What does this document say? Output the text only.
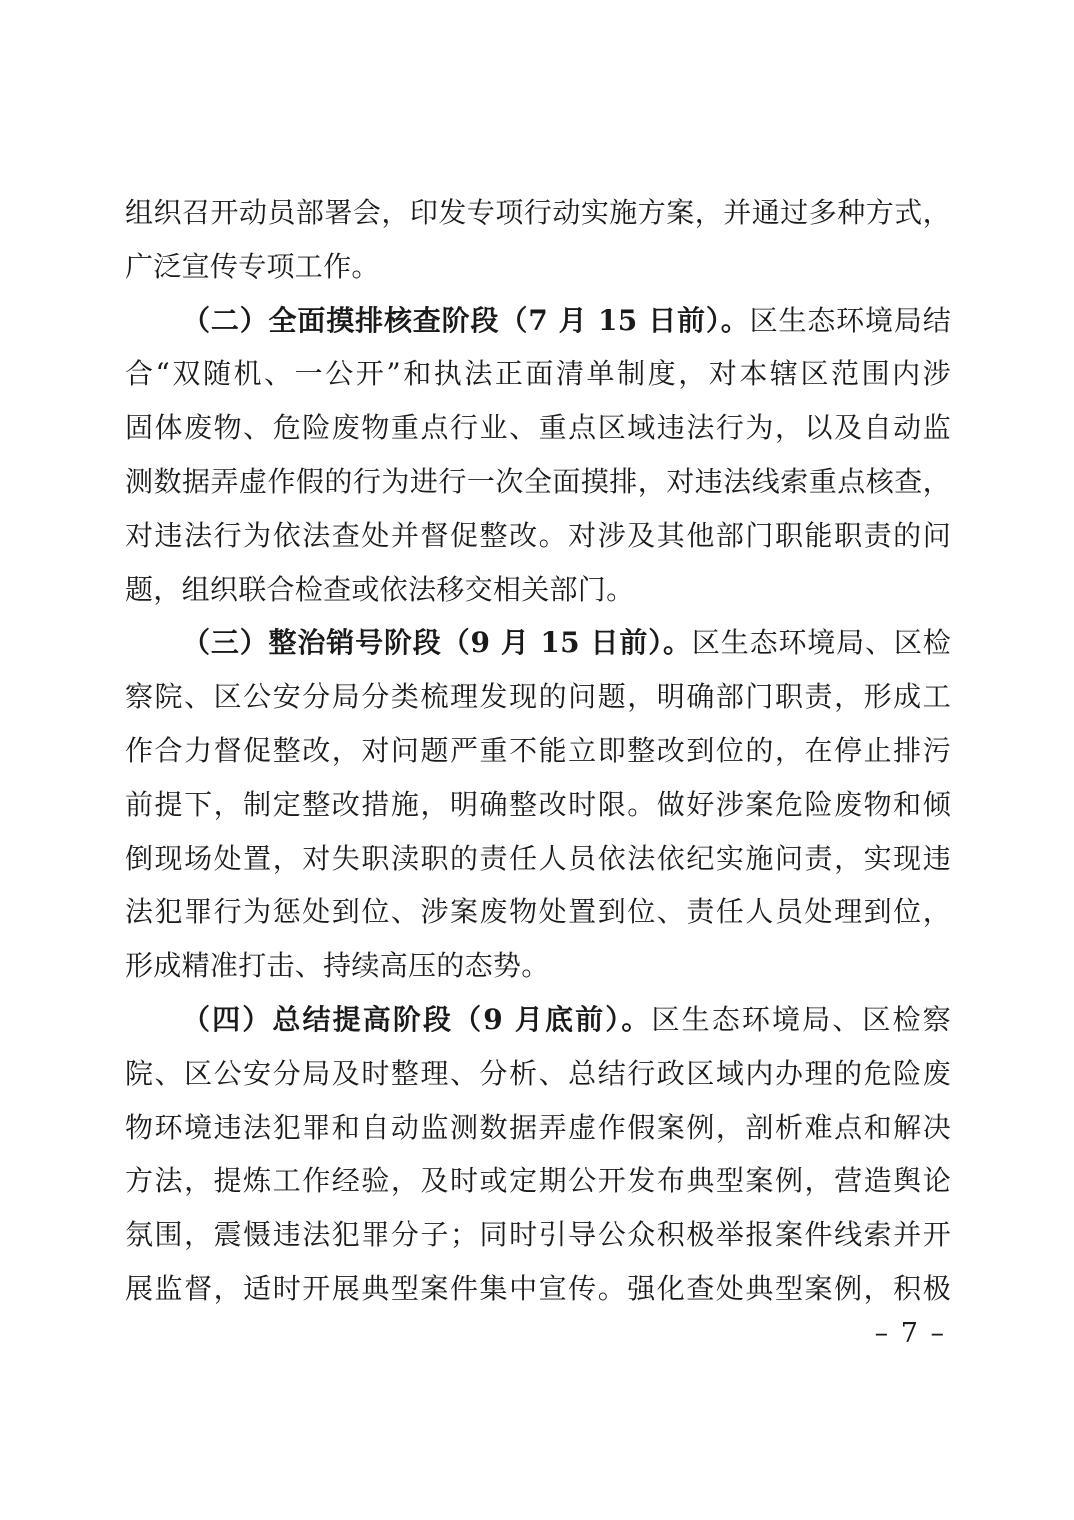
组织召开动员部署会，印发专项行动实施方案，并通过多种方式，
广泛宣传专项工作。
（二）全面摸排核查阶段（7 月 15 日前）。区生态环境局结
合“双随机、一公开”和执法正面清单制度，对本辖区范围内涉
固体废物、危险废物重点行业、重点区域违法行为，以及自动监
测数据弄虚作假的行为进行一次全面摸排，对违法线索重点核查，
对违法行为依法查处并督促整改。对涉及其他部门职能职责的问
题，组织联合检查或依法移交相关部门。
（三）整治销号阶段（9 月 15 日前）。区生态环境局、区检
察院、区公安分局分类梳理发现的问题，明确部门职责，形成工
作合力督促整改，对问题严重不能立即整改到位的，在停止排污
前提下，制定整改措施，明确整改时限。做好涉案危险废物和倾
倒现场处置，对失职渎职的责任人员依法依纪实施问责，实现违
法犯罪行为惩处到位、涉案废物处置到位、责任人员处理到位，
形成精准打击、持续高压的态势。
（四）总结提高阶段（9 月底前）。区生态环境局、区检察
院、区公安分局及时整理、分析、总结行政区域内办理的危险废
物环境违法犯罪和自动监测数据弄虚作假案例，剖析难点和解决
方法，提炼工作经验，及时或定期公开发布典型案例，营造舆论
氛围，震慑违法犯罪分子；同时引导公众积极举报案件线索并开
展监督，适时开展典型案件集中宣传。强化查处典型案例，积极
– 7 –
